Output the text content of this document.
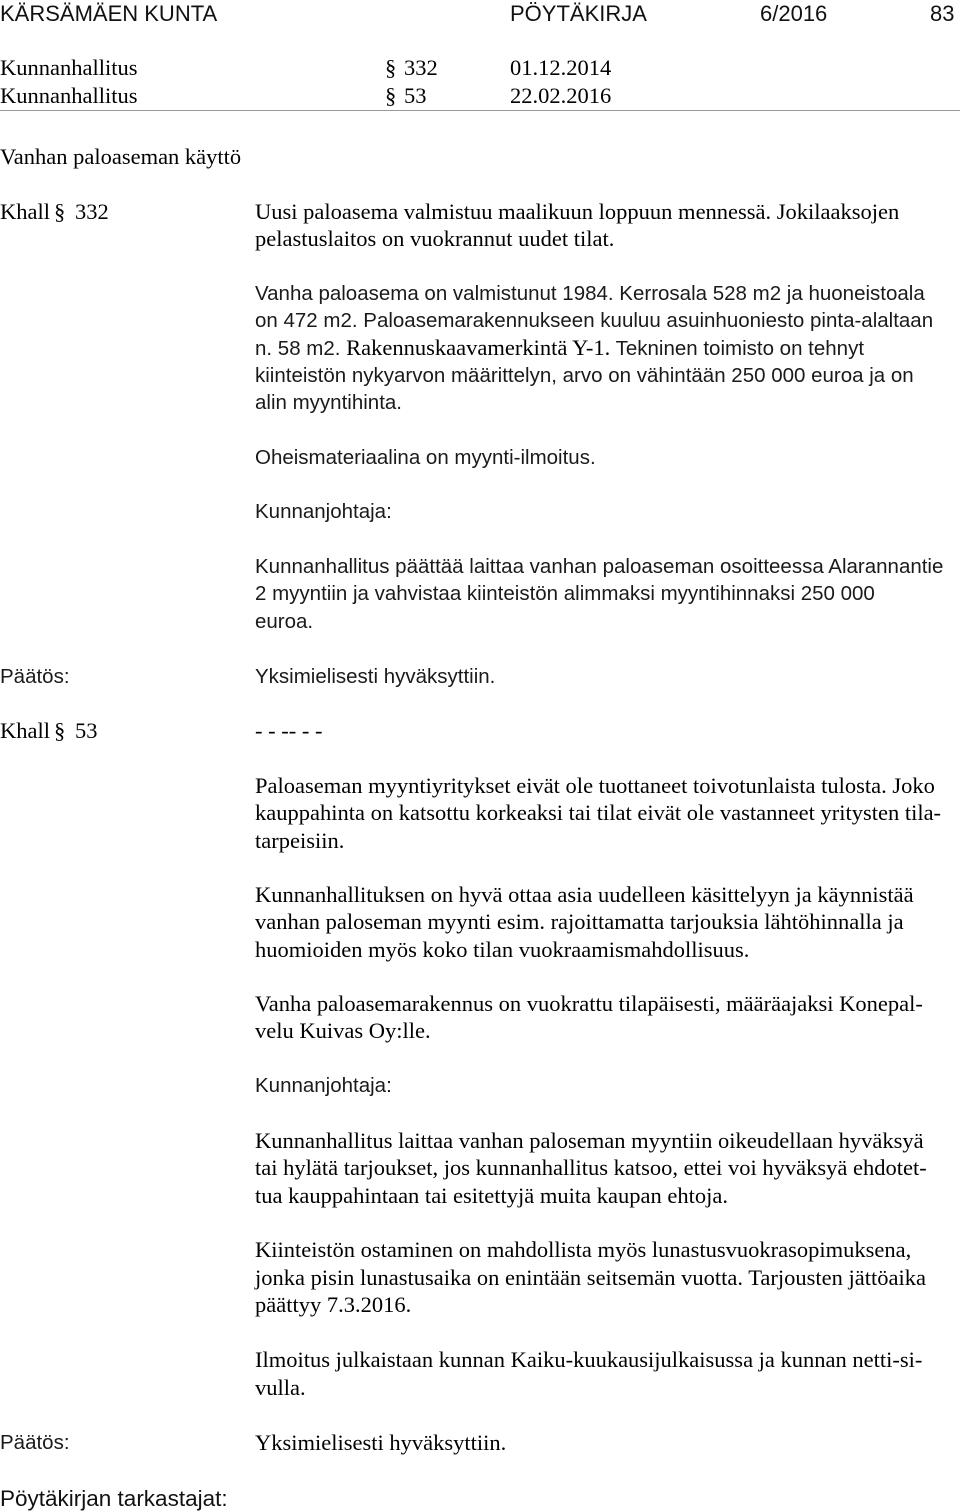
KÄRSÄMÄEN KUNTA	PÖYTÄKIRJA	6/2016	83
Kunnanhallitus	§ 332	01.12.2014
Kunnanhallitus	§ 53	22.02.2016
Vanhan paloaseman käyttö
Khall § 332	Uusi paloasema valmistuu maalikuun loppuun mennessä. Jokilaaksojen
pelastuslaitos on vuokrannut uudet tilat.
Vanha paloasema on valmistunut 1984. Kerrosala 528 m2 ja huoneistoala
on 472 m2. Paloasemarakennukseen kuuluu asuinhuoniesto pinta-alaltaan
n. 58 m2. Rakennuskaavamerkintä Y-1. Tekninen toimisto on tehnyt
kiinteistön nykyarvon määrittelyn, arvo on vähintään 250 000 euroa ja on
alin myyntihinta.
Oheismateriaalina on myynti-ilmoitus.
Kunnanjohtaja:
Kunnanhallitus päättää laittaa vanhan paloaseman osoitteessa Alarannantie
2 myyntiin ja vahvistaa kiinteistön alimmaksi myyntihinnaksi 250 000
euroa.
Päätös:	Yksimielisesti hyväksyttiin.
Khall § 53	- - -- - -
Paloaseman myyntiyritykset eivät ole tuottaneet toivotunlaista tulosta. Joko
kauppahinta on katsottu korkeaksi tai tilat eivät ole vastanneet yritysten tila-
tarpeisiin.
Kunnanhallituksen on hyvä ottaa asia uudelleen käsittelyyn ja käynnistää
vanhan paloseman myynti esim. rajoittamatta tarjouksia lähtöhinnalla ja
huomioiden myös koko tilan vuokraamismahdollisuus.
Vanha paloasemarakennus on vuokrattu tilapäisesti, määräajaksi Konepal-
velu Kuivas Oy:lle.
Kunnanjohtaja:
Kunnanhallitus laittaa vanhan paloseman myyntiin oikeudellaan hyväksyä
tai hylätä tarjoukset, jos kunnanhallitus katsoo, ettei voi hyväksyä ehdotet-
tua kauppahintaan tai esitettyjä muita kaupan ehtoja.
Kiinteistön ostaminen on mahdollista myös lunastusvuokrasopimuksena,
jonka pisin lunastusaika on enintään seitsemän vuotta. Tarjousten jättöaika
päättyy 7.3.2016.
Ilmoitus julkaistaan kunnan Kaiku-kuukausijulkaisussa ja kunnan netti-si-
vulla.
Päätös:	Yksimielisesti hyväksyttiin.
Pöytäkirjan tarkastajat:
